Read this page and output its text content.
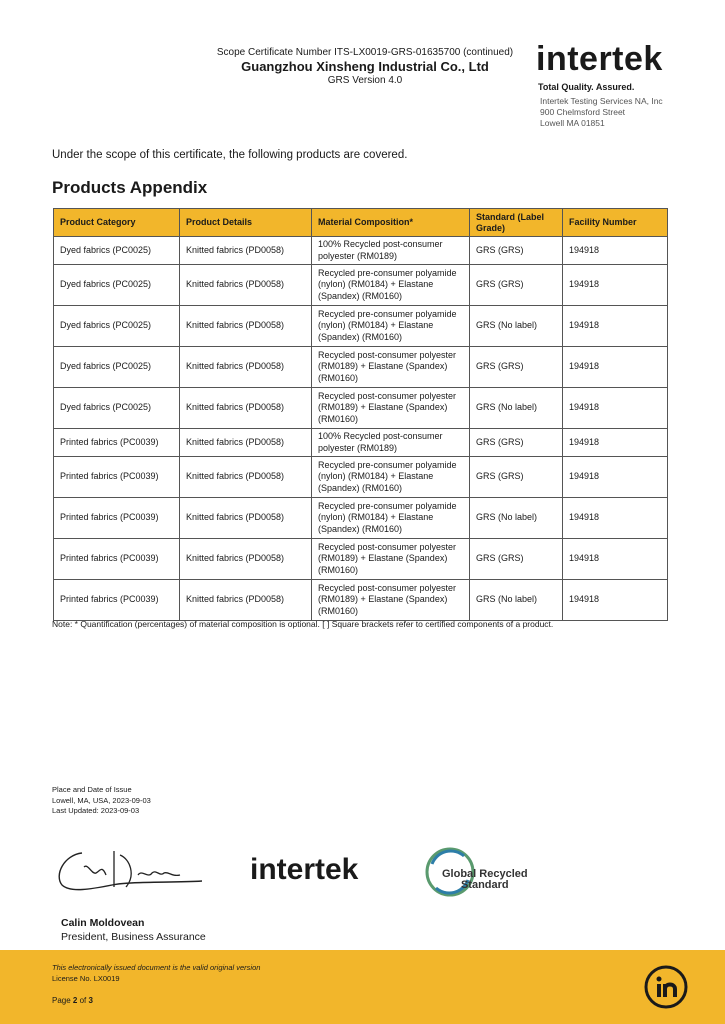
Scope Certificate Number ITS-LX0019-GRS-01635700 (continued)
Guangzhou Xinsheng Industrial Co., Ltd
GRS Version 4.0
intertek
Total Quality. Assured.
Intertek Testing Services NA, Inc
900 Chelmsford Street
Lowell MA 01851
Under the scope of this certificate, the following products are covered.
Products Appendix
Product Category	Product Details	Material Composition*	Standard (Label Grade)	Facility Number
Dyed fabrics (PC0025)	Knitted fabrics (PD0058)	100% Recycled post-consumer polyester (RM0189)	GRS (GRS)	194918
Dyed fabrics (PC0025)	Knitted fabrics (PD0058)	Recycled pre-consumer polyamide (nylon) (RM0184) + Elastane (Spandex) (RM0160)	GRS (GRS)	194918
Dyed fabrics (PC0025)	Knitted fabrics (PD0058)	Recycled pre-consumer polyamide (nylon) (RM0184) + Elastane (Spandex) (RM0160)	GRS (No label)	194918
Dyed fabrics (PC0025)	Knitted fabrics (PD0058)	Recycled post-consumer polyester (RM0189) + Elastane (Spandex) (RM0160)	GRS (GRS)	194918
Dyed fabrics (PC0025)	Knitted fabrics (PD0058)	Recycled post-consumer polyester (RM0189) + Elastane (Spandex) (RM0160)	GRS (No label)	194918
Printed fabrics (PC0039)	Knitted fabrics (PD0058)	100% Recycled post-consumer polyester (RM0189)	GRS (GRS)	194918
Printed fabrics (PC0039)	Knitted fabrics (PD0058)	Recycled pre-consumer polyamide (nylon) (RM0184) + Elastane (Spandex) (RM0160)	GRS (GRS)	194918
Printed fabrics (PC0039)	Knitted fabrics (PD0058)	Recycled pre-consumer polyamide (nylon) (RM0184) + Elastane (Spandex) (RM0160)	GRS (No label)	194918
Printed fabrics (PC0039)	Knitted fabrics (PD0058)	Recycled post-consumer polyester (RM0189) + Elastane (Spandex) (RM0160)	GRS (GRS)	194918
Printed fabrics (PC0039)	Knitted fabrics (PD0058)	Recycled post-consumer polyester (RM0189) + Elastane (Spandex) (RM0160)	GRS (No label)	194918
Note: * Quantification (percentages) of material composition is optional. [ ] Square brackets refer to certified components of a product.
Place and Date of Issue
Lowell, MA, USA, 2023-09-03
Last Updated: 2023-09-03
intertek	Global Recycled
Standard
Calin Moldovean
President, Business Assurance
This electronically issued document is the valid original version
License No. LX0019
Page 2 of 3
